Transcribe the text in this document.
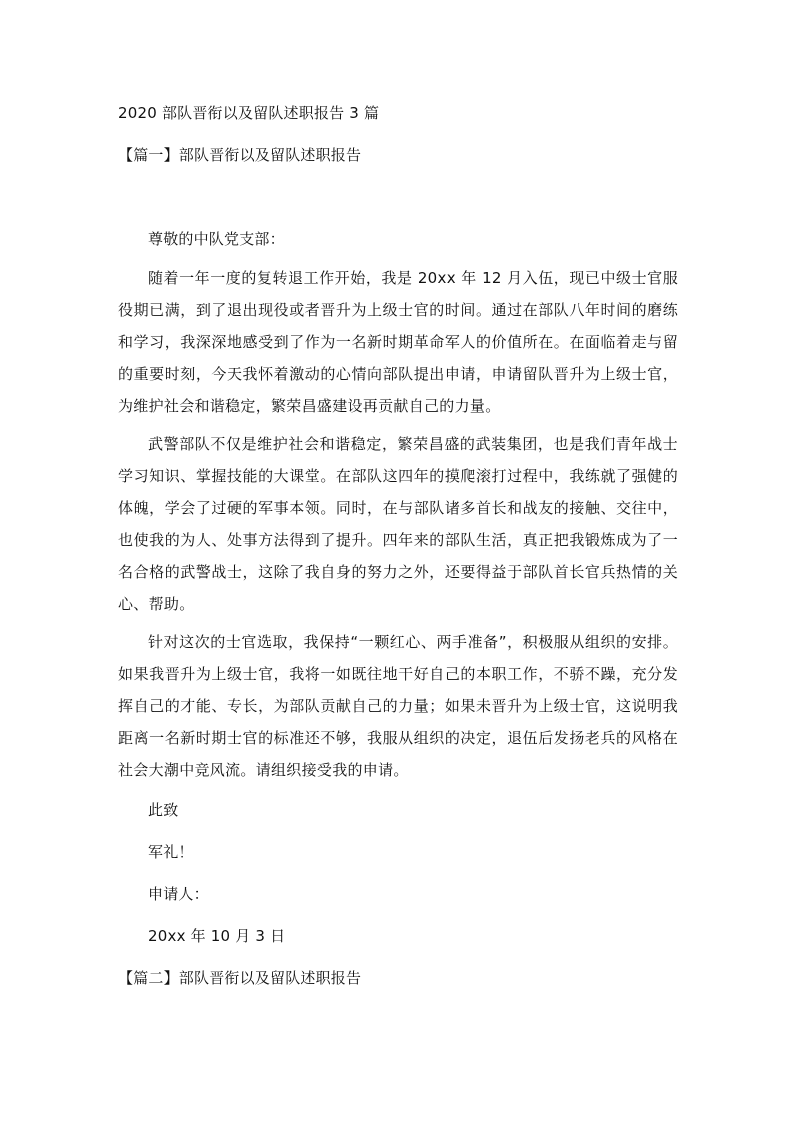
2020 部队晋衔以及留队述职报告 3 篇
【篇一】部队晋衔以及留队述职报告
尊敬的中队党支部：
随着一年一度的复转退工作开始，我是 20xx 年 12 月入伍，现已中级士官服役期已满，到了退出现役或者晋升为上级士官的时间。通过在部队八年时间的磨练和学习，我深深地感受到了作为一名新时期革命军人的价值所在。在面临着走与留的重要时刻，今天我怀着激动的心情向部队提出申请，申请留队晋升为上级士官，为维护社会和谐稳定，繁荣昌盛建设再贡献自己的力量。
武警部队不仅是维护社会和谐稳定，繁荣昌盛的武装集团，也是我们青年战士学习知识、掌握技能的大课堂。在部队这四年的摸爬滚打过程中，我练就了强健的体魄，学会了过硬的军事本领。同时，在与部队诸多首长和战友的接触、交往中，也使我的为人、处事方法得到了提升。四年来的部队生活，真正把我锻炼成为了一名合格的武警战士，这除了我自身的努力之外，还要得益于部队首长官兵热情的关心、帮助。
针对这次的士官选取，我保持“一颗红心、两手准备”，积极服从组织的安排。如果我晋升为上级士官，我将一如既往地干好自己的本职工作，不骄不躁，充分发挥自己的才能、专长，为部队贡献自己的力量；如果未晋升为上级士官，这说明我距离一名新时期士官的标准还不够，我服从组织的决定，退伍后发扬老兵的风格在社会大潮中竞风流。请组织接受我的申请。
此致
军礼！
申请人：
20xx 年 10 月 3 日
【篇二】部队晋衔以及留队述职报告
